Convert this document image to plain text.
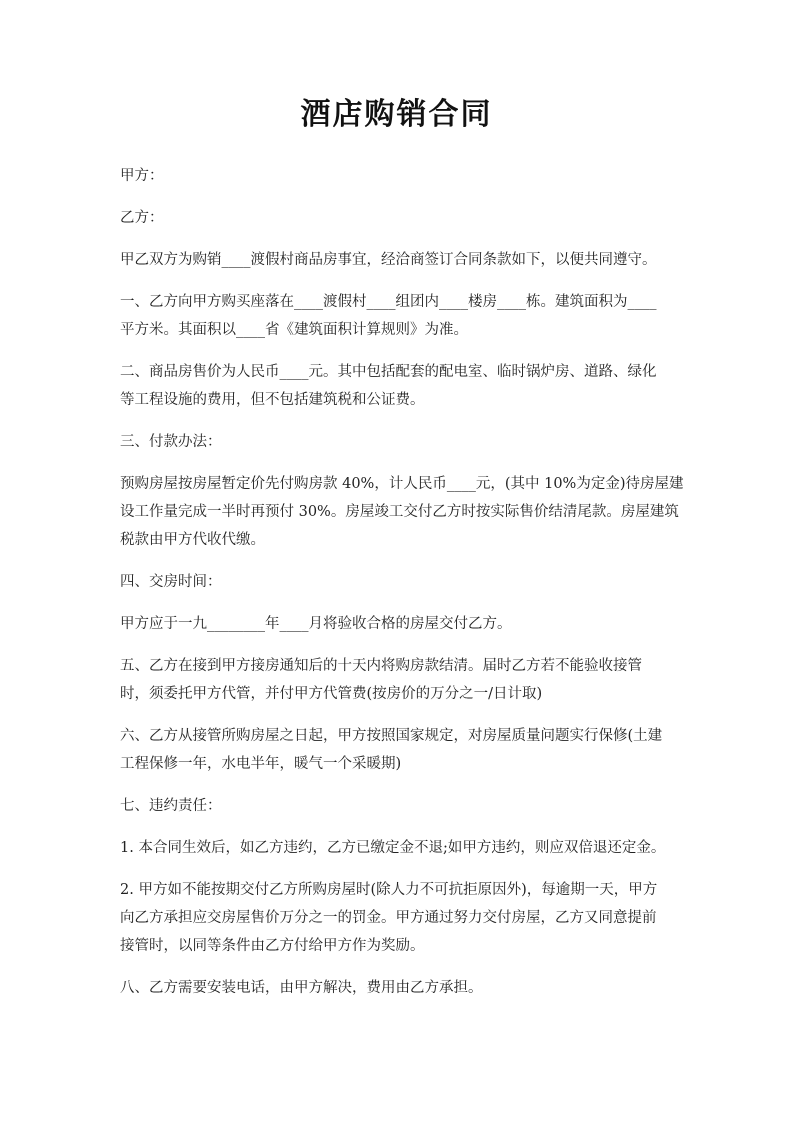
酒店购销合同
甲方：
乙方：
甲乙双方为购销____渡假村商品房事宜，经洽商签订合同条款如下，以便共同遵守。
一、乙方向甲方购买座落在____渡假村____组团内____楼房____栋。建筑面积为____
平方米。其面积以____省《建筑面积计算规则》为准。
二、商品房售价为人民币____元。其中包括配套的配电室、临时锅炉房、道路、绿化
等工程设施的费用，但不包括建筑税和公证费。
三、付款办法：
预购房屋按房屋暂定价先付购房款 40%，计人民币____元，(其中 10%为定金)待房屋建
设工作量完成一半时再预付 30%。房屋竣工交付乙方时按实际售价结清尾款。房屋建筑
税款由甲方代收代缴。
四、交房时间：
甲方应于一九________年____月将验收合格的房屋交付乙方。
五、乙方在接到甲方接房通知后的十天内将购房款结清。届时乙方若不能验收接管
时，须委托甲方代管，并付甲方代管费(按房价的万分之一/日计取)
六、乙方从接管所购房屋之日起，甲方按照国家规定，对房屋质量问题实行保修(土建
工程保修一年，水电半年，暖气一个采暖期)
七、违约责任：
1. 本合同生效后，如乙方违约，乙方已缴定金不退;如甲方违约，则应双倍退还定金。
2. 甲方如不能按期交付乙方所购房屋时(除人力不可抗拒原因外)，每逾期一天，甲方
向乙方承担应交房屋售价万分之一的罚金。甲方通过努力交付房屋，乙方又同意提前
接管时，以同等条件由乙方付给甲方作为奖励。
八、乙方需要安装电话，由甲方解决，费用由乙方承担。
